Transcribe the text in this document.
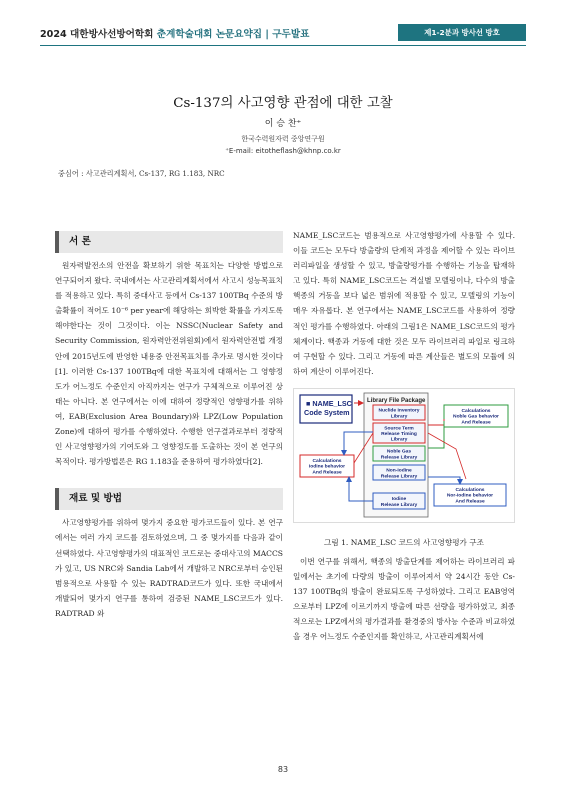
2024 대한방사선방어학회 춘계학술대회 논문요약집 | 구두발표	제1-2분과 방사선 방호
Cs-137의 사고영향 관점에 대한 고찰
이 승 찬⁺
한국수력원자력 중앙연구원
⁺E-mail: eitotheflash@khnp.co.kr
중심어 : 사고관리계획서, Cs-137, RG 1.183, NRC
서 론

원자력발전소의 안전을 확보하기 위한 목표치는 다양한 방법으로 연구되어져 왔다. 국내에서는 사고관리계획서에서 사고시 성능목표치를 적용하고 있다. 특히 중대사고 등에서 Cs-137 100TBq 수준의 방출확률이 적어도 10⁻⁶ per year에 해당하는 희박한 확률을 가지도록 해야한다는 것이 그것이다. 이는 NSSC(Nuclear Safety and Security Commission, 원자력안전위원회)에서 원자력안전법 개정안에 2015년도에 반영한 내용중 안전목표치를 추가로 명시한 것이다[1]. 이러한 Cs-137 100TBq에 대한 목표치에 대해서는 그 영향정도가 어느정도 수준인지 아직까지는 연구가 구체적으로 이루어진 상태는 아니다. 본 연구에서는 이에 대하여 정량적인 영향평가를 위하여, EAB(Exclusion Area Boundary)와 LPZ(Low Population Zone)에 대하여 평가를 수행하였다. 수행한 연구결과로부터 정량적인 사고영향평가의 기여도와 그 영향정도를 도출하는 것이 본 연구의 목적이다. 평가방법론은 RG 1.183을 준용하여 평가하였다[2].

재료 및 방법

사고영향평가를 위하여 몇가지 중요한 평가코드들이 있다. 본 연구에서는 여러 가지 코드를 검토하였으며, 그 중 몇가지를 다음과 같이 선택하였다. 사고영향평가의 대표적인 코드로는 중대사고의 MACCS가 있고, US NRC와 Sandia Lab에서 개발하고 NRC로부터 승인된 범용적으로 사용할 수 있는 RADTRAD코드가 있다. 또한 국내에서 개발되어 몇가지 연구를 통하여 검증된 NAME_LSC코드가 있다. RADTRAD 와

NAME_LSC코드는 범용적으로 사고영향평가에 사용할 수 있다. 이들 코드는 모두다 방출량의 단계적 과정을 제어할 수 있는 라이브러리파일을 생성할 수 있고, 방출량평가를 수행하는 기능을 탑재하고 있다. 특히 NAME_LSC코드는 격실별 모델링이나, 다수의 방출핵종의 거동을 보다 넓은 범위에 적용할 수 있고, 모델링의 기능이 매우 자유롭다. 본 연구에서는 NAME_LSC코드를 사용하여 정량적인 평가를 수행하였다. 아래의 그림1은 NAME_LSC코드의 평가체계이다. 핵종과 거동에 대한 것은 모두 라이브러리 파일로 링크하여 구현할 수 있다. 그리고 거동에 따른 계산들은 별도의 모듈에 의하여 계산이 이루어진다.

■ NAME_LSC Code System
Library File Package
Nuclide Inventory Library
Source Term Release Timing Library
Noble Gas Release Library
Non-Iodine Release Library
Iodine Release Library
Calculations Noble Gas behavior And Release
Calculations Iodine behavior And Release
Calculations Nor-Iodine behavior And Release
그림 1. NAME_LSC 코드의 사고영향평가 구조

이번 연구를 위해서, 핵종의 방출단계를 제어하는 라이브러리 파일에서는 초기에 다량의 방출이 이루어져서 약 24시간 동안 Cs-137 100TBq의 방출이 완료되도록 구성하였다. 그리고 EAB영역으로부터 LPZ에 이르기까지 방출에 따른 선량을 평가하였고, 최종적으로는 LPZ에서의 평가결과를 환경중의 방사능 수준과 비교하였을 경우 어느정도 수준인지를 확인하고, 사고관리계획서에

83
